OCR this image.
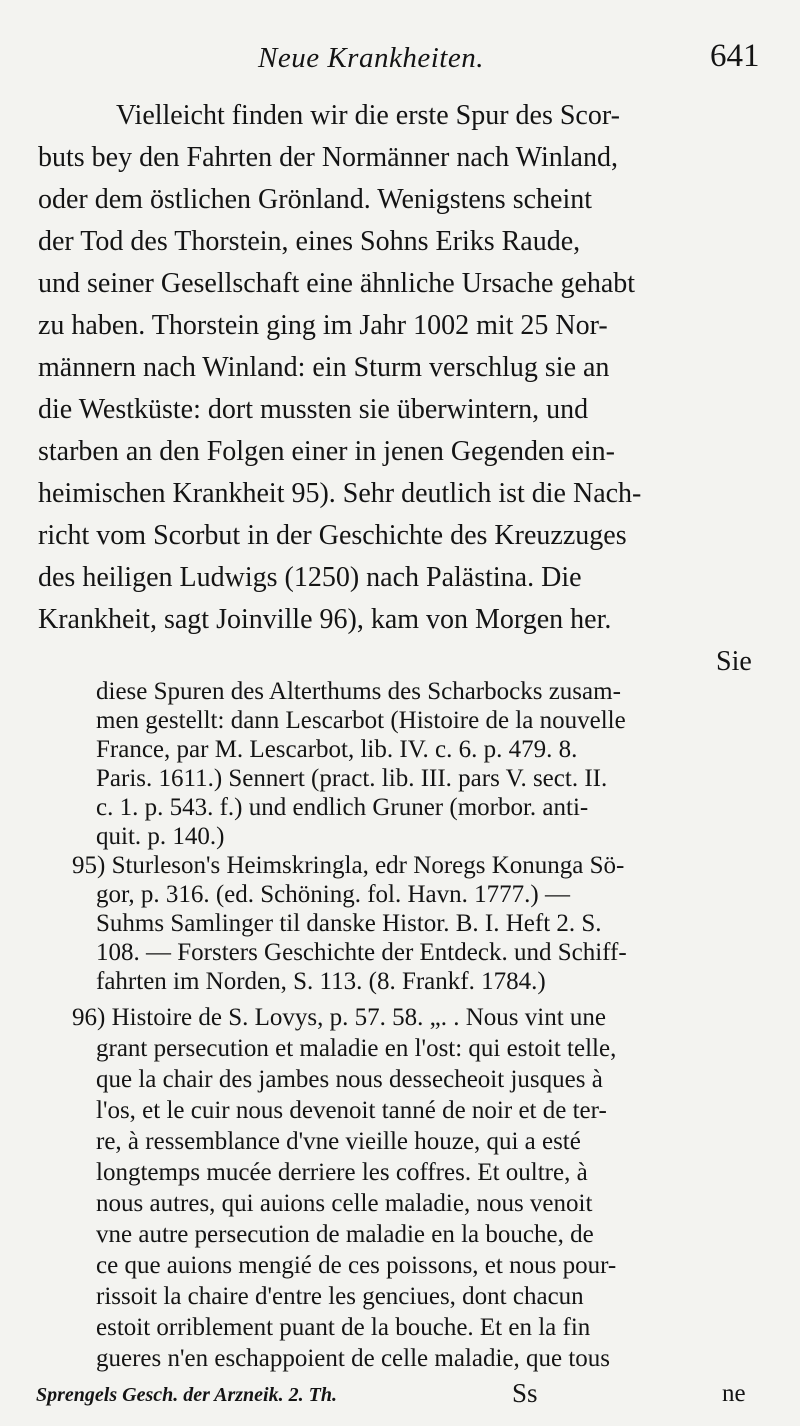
Neue Krankheiten.	641
Vielleicht finden wir die erste Spur des Scor-
buts bey den Fahrten der Normänner nach Winland,
oder dem östlichen Grönland. Wenigstens scheint
der Tod des Thorstein, eines Sohns Eriks Raude,
und seiner Gesellschaft eine ähnliche Ursache gehabt
zu haben. Thorstein ging im Jahr 1002 mit 25 Nor-
männern nach Winland: ein Sturm verschlug sie an
die Westküste: dort mussten sie überwintern, und
starben an den Folgen einer in jenen Gegenden ein-
heimischen Krankheit 95). Sehr deutlich ist die Nach-
richt vom Scorbut in der Geschichte des Kreuzzuges
des heiligen Ludwigs (1250) nach Palästina. Die
Krankheit, sagt Joinville 96), kam von Morgen her.
Sie
diese Spuren des Alterthums des Scharbocks zusam-
men gestellt: dann Lescarbot (Histoire de la nouvelle
France, par M. Lescarbot, lib. IV. c. 6. p. 479. 8.
Paris. 1611.) Sennert (pract. lib. III. pars V. sect. II.
c. 1. p. 543. f.) und endlich Gruner (morbor. anti-
quit. p. 140.)
95) Sturleson's Heimskringla, edr Noregs Konunga Sö-
gor, p. 316. (ed. Schöning. fol. Havn. 1777.) —
Suhms Samlinger til danske Histor. B. I. Heft 2. S.
108. — Forsters Geschichte der Entdeck. und Schiff-
fahrten im Norden, S. 113. (8. Frankf. 1784.)
96) Histoire de S. Lovys, p. 57. 58. „. . Nous vint une
grant persecution et maladie en l'ost: qui estoit telle,
que la chair des jambes nous dessecheoit jusques à
l'os, et le cuir nous devenoit tanné de noir et de ter-
re, à ressemblance d'vne vieille houze, qui a esté
longtemps mucée derriere les coffres. Et oultre, à
nous autres, qui auions celle maladie, nous venoit
vne autre persecution de maladie en la bouche, de
ce que auions mengié de ces poissons, et nous pour-
rissoit la chaire d'entre les genciues, dont chacun
estoit orriblement puant de la bouche. Et en la fin
gueres n'en eschappoient de celle maladie, que tous
Sprengels Gesch. der Arzneik. 2. Th.	Ss	ne
